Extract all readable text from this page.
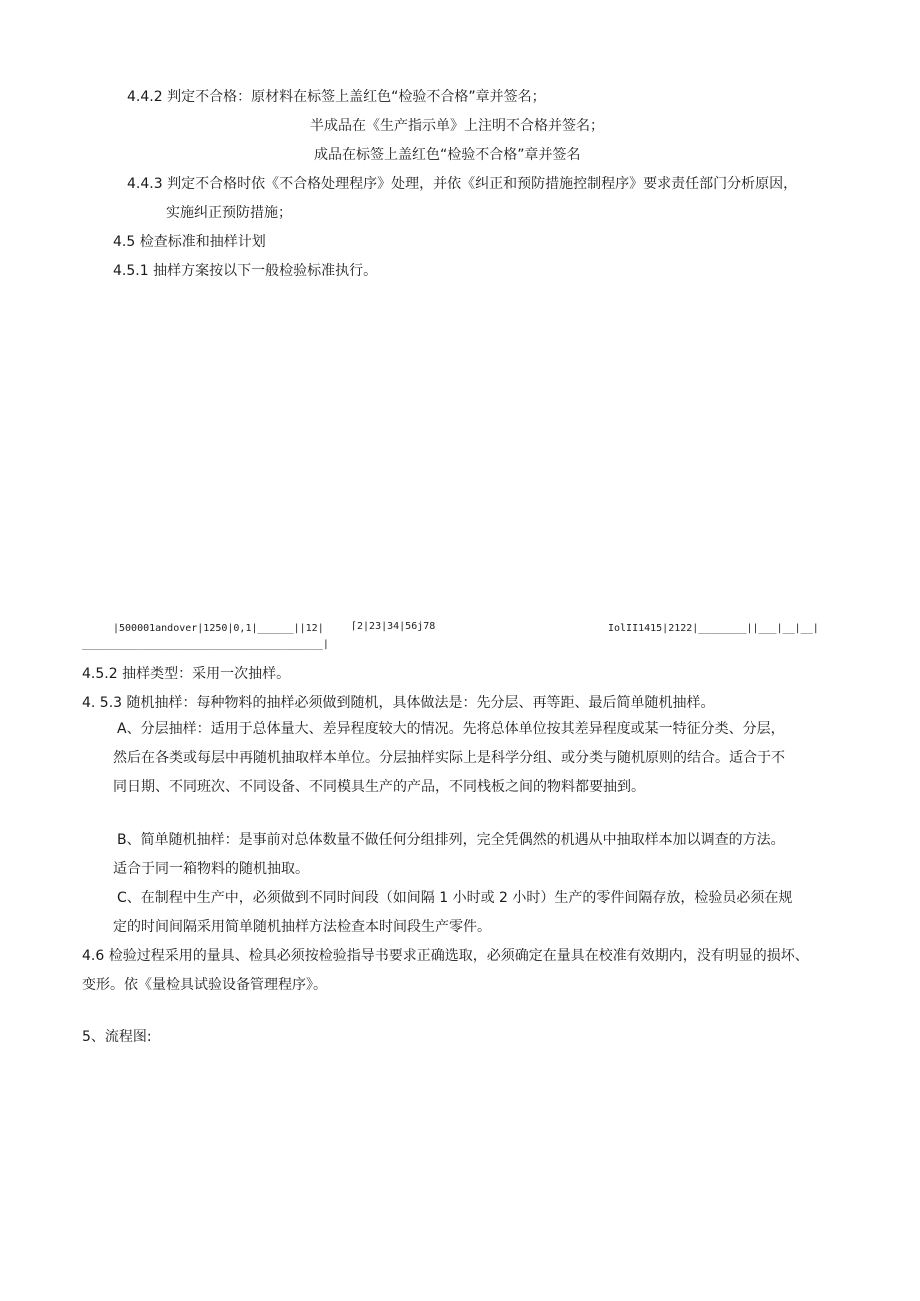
4.4.2 判定不合格：原材料在标签上盖红色“检验不合格”章并签名；
半成品在《生产指示单》上注明不合格并签名；
成品在标签上盖红色“检验不合格”章并签名
4.4.3 判定不合格时依《不合格处理程序》处理，并依《纠正和预防措施控制程序》要求责任部门分析原因，
实施纠正预防措施；
4.5 检查标准和抽样计划
4.5.1 抽样方案按以下一般检验标准执行。
|500001andover|1250|0,1|______||12|	⌈2|23|34|56j78	IolII1415|2122|________||___|__|__|
________________________________________|
4.5.2 抽样类型：采用一次抽样。
4. 5.3 随机抽样：每种物料的抽样必须做到随机，具体做法是：先分层、再等距、最后简单随机抽样。
A、分层抽样：适用于总体量大、差异程度较大的情况。先将总体单位按其差异程度或某一特征分类、分层，
然后在各类或每层中再随机抽取样本单位。分层抽样实际上是科学分组、或分类与随机原则的结合。适合于不
同日期、不同班次、不同设备、不同模具生产的产品，不同栈板之间的物料都要抽到。
B、简单随机抽样：是事前对总体数量不做任何分组排列，完全凭偶然的机遇从中抽取样本加以调查的方法。
适合于同一箱物料的随机抽取。
C、在制程中生产中，必须做到不同时间段（如间隔 1 小时或 2 小时）生产的零件间隔存放，检验员必须在规
定的时间间隔采用简单随机抽样方法检查本时间段生产零件。
4.6 检验过程采用的量具、检具必须按检验指导书要求正确选取，必须确定在量具在校准有效期内，没有明显的损坏、
变形。依《量检具试验设备管理程序》。
5、流程图:
